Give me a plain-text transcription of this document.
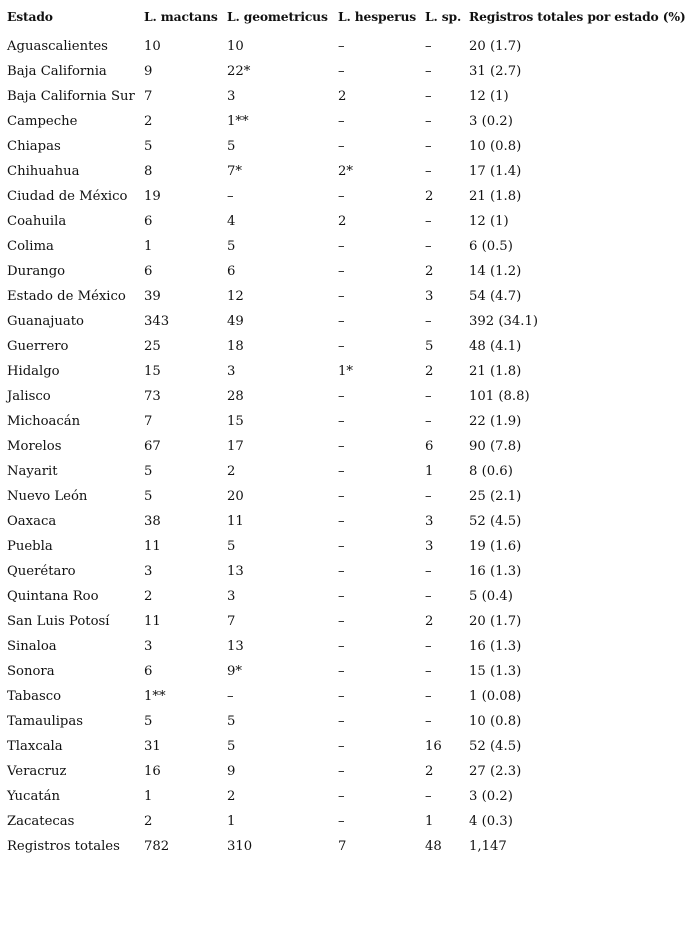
Estado	L. mactans	L. geometricus	L. hesperus	L. sp.	Registros totales por estado (%)
Aguascalientes	10	10	–	–	20 (1.7)
Baja California	9	22*	–	–	31 (2.7)
Baja California Sur	7	3	2	–	12 (1)
Campeche	2	1**	–	–	3 (0.2)
Chiapas	5	5	–	–	10 (0.8)
Chihuahua	8	7*	2*	–	17 (1.4)
Ciudad de México	19	–	–	2	21 (1.8)
Coahuila	6	4	2	–	12 (1)
Colima	1	5	–	–	6 (0.5)
Durango	6	6	–	2	14 (1.2)
Estado de México	39	12	–	3	54 (4.7)
Guanajuato	343	49	–	–	392 (34.1)
Guerrero	25	18	–	5	48 (4.1)
Hidalgo	15	3	1*	2	21 (1.8)
Jalisco	73	28	–	–	101 (8.8)
Michoacán	7	15	–	–	22 (1.9)
Morelos	67	17	–	6	90 (7.8)
Nayarit	5	2	–	1	8 (0.6)
Nuevo León	5	20	–	–	25 (2.1)
Oaxaca	38	11	–	3	52 (4.5)
Puebla	11	5	–	3	19 (1.6)
Querétaro	3	13	–	–	16 (1.3)
Quintana Roo	2	3	–	–	5 (0.4)
San Luis Potosí	11	7	–	2	20 (1.7)
Sinaloa	3	13	–	–	16 (1.3)
Sonora	6	9*	–	–	15 (1.3)
Tabasco	1**	–	–	–	1 (0.08)
Tamaulipas	5	5	–	–	10 (0.8)
Tlaxcala	31	5	–	16	52 (4.5)
Veracruz	16	9	–	2	27 (2.3)
Yucatán	1	2	–	–	3 (0.2)
Zacatecas	2	1	–	1	4 (0.3)
Registros totales	782	310	7	48	1,147
